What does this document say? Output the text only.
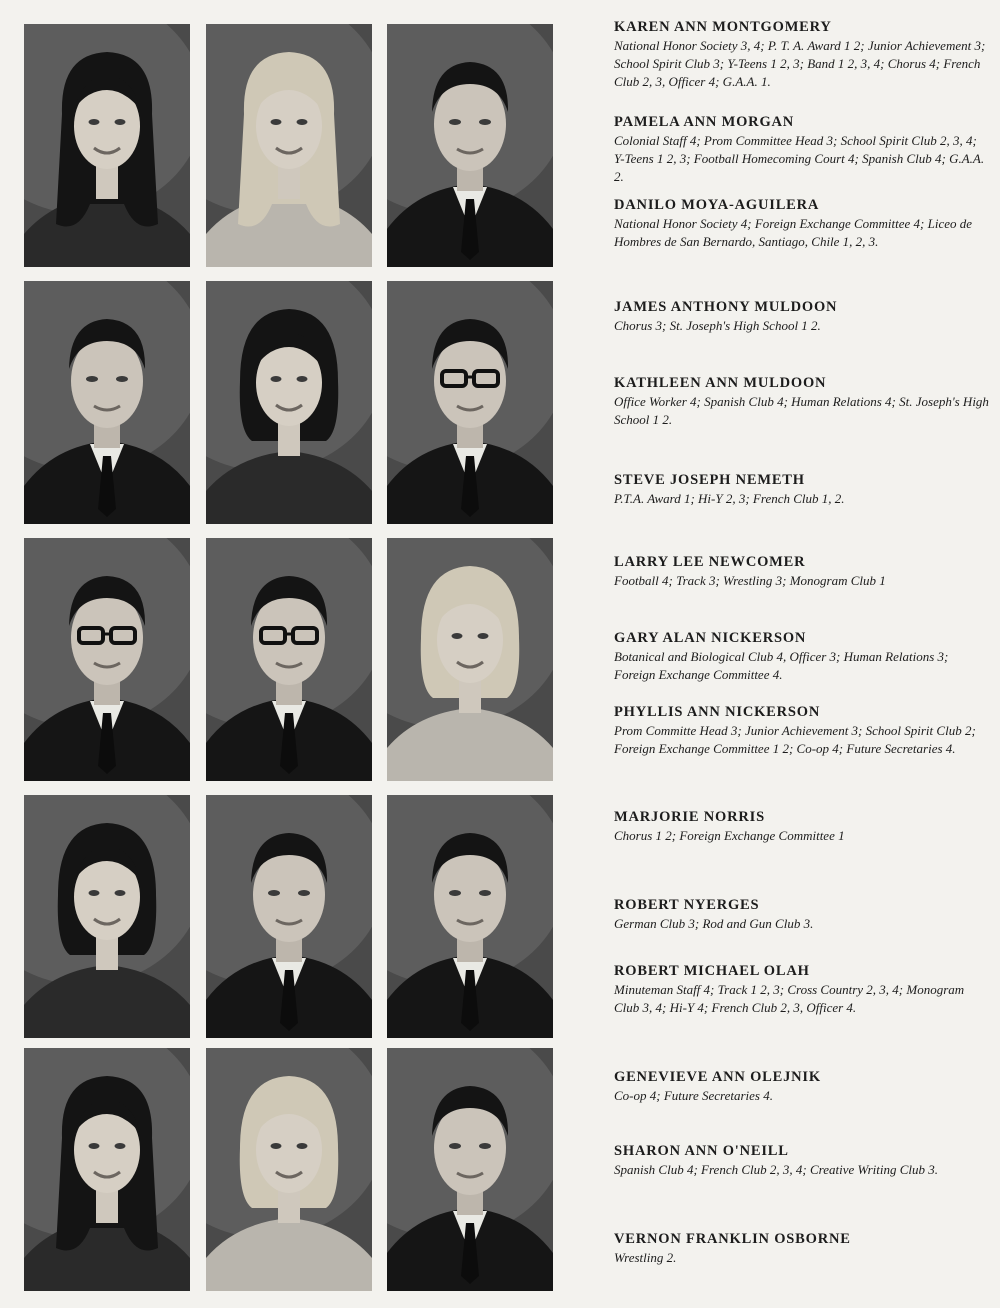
KAREN ANN MONTGOMERY
National Honor Society 3, 4; P. T. A. Award 1 2; Junior Achievement 3; School Spirit Club 3; Y-Teens 1 2, 3; Band 1 2, 3, 4; Chorus 4; French Club 2, 3, Officer 4; G.A.A. 1.
PAMELA ANN MORGAN
Colonial Staff 4; Prom Committee Head 3; School Spirit Club 2, 3, 4; Y-Teens 1 2, 3; Football Homecoming Court 4; Spanish Club 4; G.A.A. 2.
DANILO MOYA-AGUILERA
National Honor Society 4; Foreign Exchange Committee 4; Liceo de Hombres de San Bernardo, Santiago, Chile 1, 2, 3.
JAMES ANTHONY MULDOON
Chorus 3; St. Joseph's High School 1 2.
KATHLEEN ANN MULDOON
Office Worker 4; Spanish Club 4; Human Relations 4; St. Joseph's High School 1 2.
STEVE JOSEPH NEMETH
P.T.A. Award 1; Hi-Y 2, 3; French Club 1, 2.
LARRY LEE NEWCOMER
Football 4; Track 3; Wrestling 3; Monogram Club 1
GARY ALAN NICKERSON
Botanical and Biological Club 4, Officer 3; Human Relations 3; Foreign Exchange Committee 4.
PHYLLIS ANN NICKERSON
Prom Committe Head 3; Junior Achievement 3; School Spirit Club 2; Foreign Exchange Committee 1 2; Co-op 4; Future Secretaries 4.
MARJORIE NORRIS
Chorus 1 2; Foreign Exchange Committee 1
ROBERT NYERGES
German Club 3; Rod and Gun Club 3.
ROBERT MICHAEL OLAH
Minuteman Staff 4; Track 1 2, 3; Cross Country 2, 3, 4; Monogram Club 3, 4; Hi-Y 4; French Club 2, 3, Officer 4.
GENEVIEVE ANN OLEJNIK
Co-op 4; Future Secretaries 4.
SHARON ANN O'NEILL
Spanish Club 4; French Club 2, 3, 4; Creative Writing Club 3.
VERNON FRANKLIN OSBORNE
Wrestling 2.
